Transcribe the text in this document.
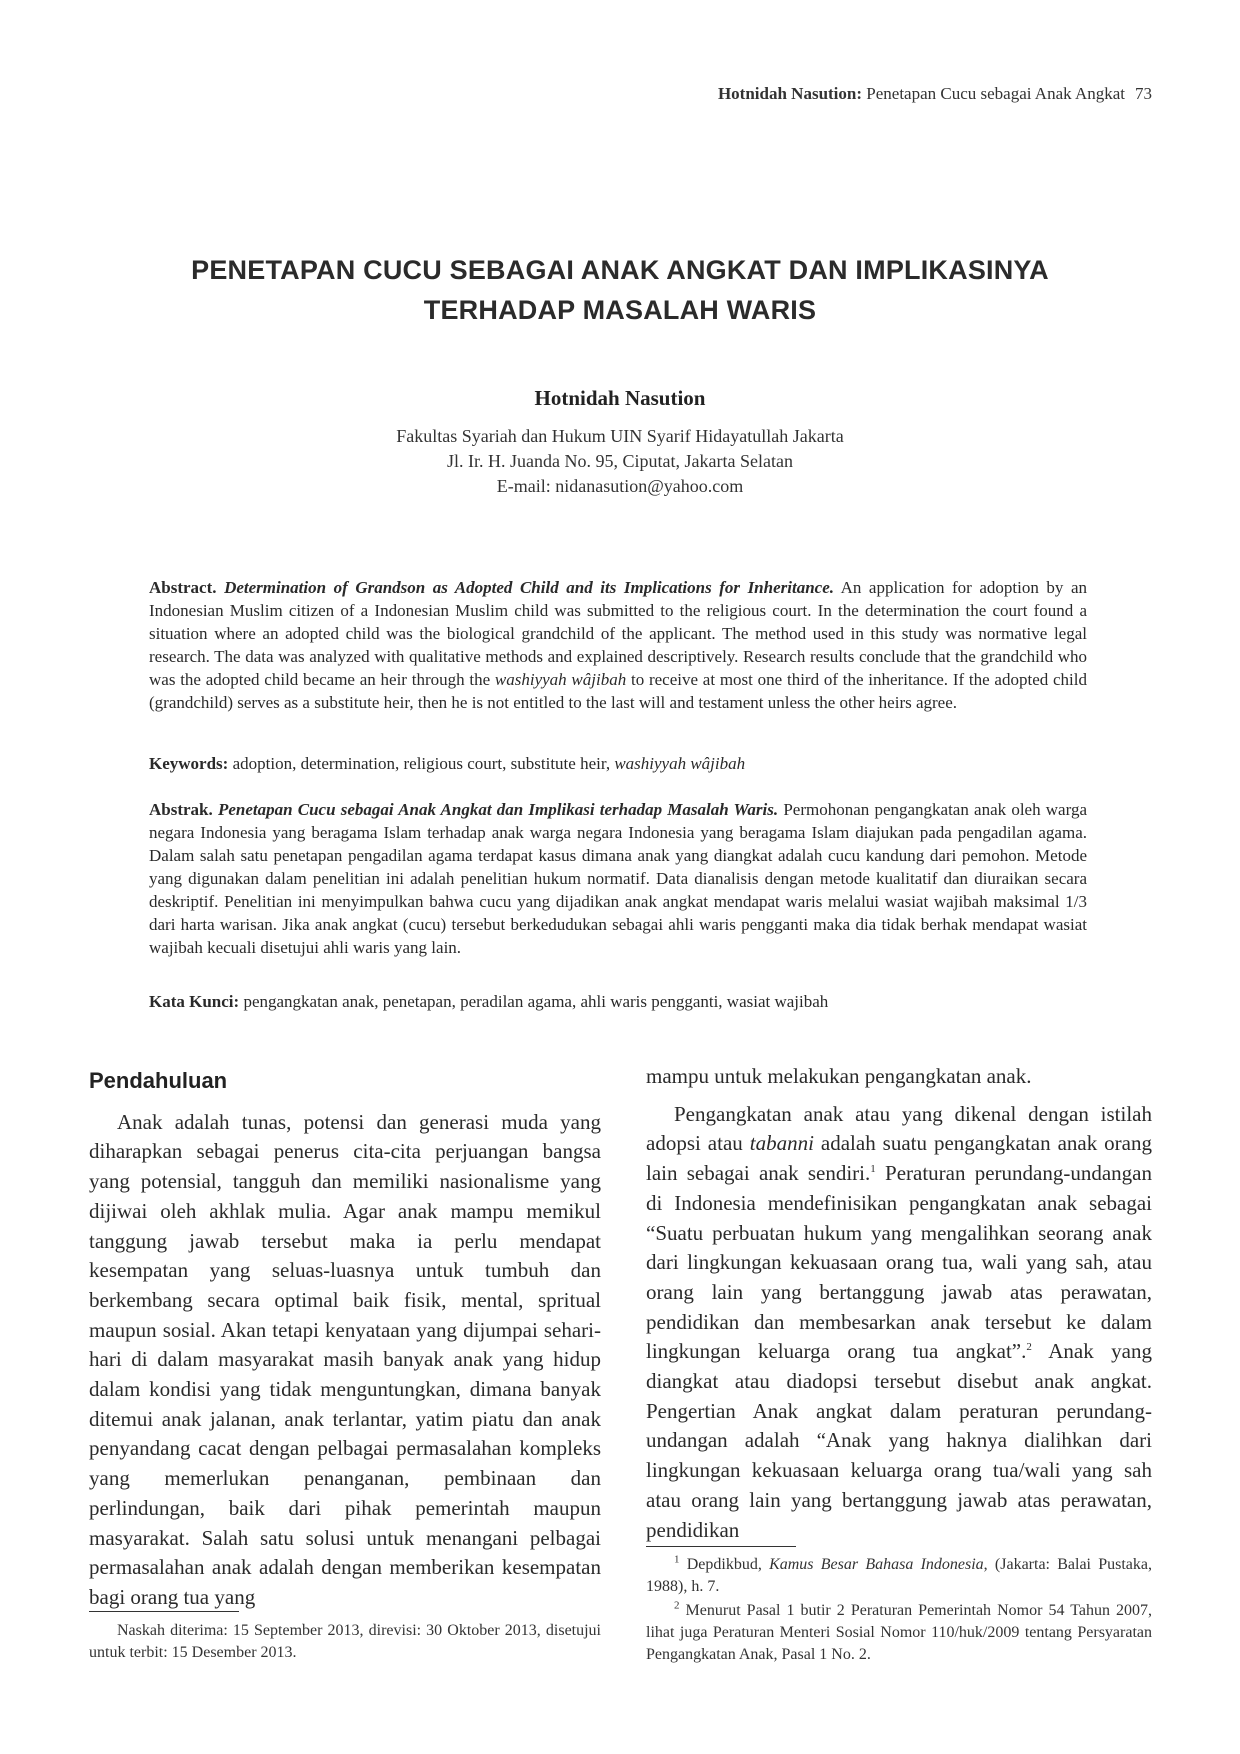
Hotnidah Nasution: Penetapan Cucu sebagai Anak Angkat 73
PENETAPAN CUCU SEBAGAI ANAK ANGKAT DAN IMPLIKASINYA
TERHADAP MASALAH WARIS
Hotnidah Nasution
Fakultas Syariah dan Hukum UIN Syarif Hidayatullah Jakarta
Jl. Ir. H. Juanda No. 95, Ciputat, Jakarta Selatan
E-mail: nidanasution@yahoo.com
Abstract. Determination of Grandson as Adopted Child and its Implications for Inheritance. An application for adoption by an Indonesian Muslim citizen of a Indonesian Muslim child was submitted to the religious court. In the determination the court found a situation where an adopted child was the biological grandchild of the applicant. The method used in this study was normative legal research. The data was analyzed with qualitative methods and explained descriptively. Research results conclude that the grandchild who was the adopted child became an heir through the washiyyah wâjibah to receive at most one third of the inheritance. If the adopted child (grandchild) serves as a substitute heir, then he is not entitled to the last will and testament unless the other heirs agree.
Keywords: adoption, determination, religious court, substitute heir, washiyyah wâjibah
Abstrak. Penetapan Cucu sebagai Anak Angkat dan Implikasi terhadap Masalah Waris. Permohonan pengangkatan anak oleh warga negara Indonesia yang beragama Islam terhadap anak warga negara Indonesia yang beragama Islam diajukan pada pengadilan agama. Dalam salah satu penetapan pengadilan agama terdapat kasus dimana anak yang diangkat adalah cucu kandung dari pemohon. Metode yang digunakan dalam penelitian ini adalah penelitian hukum normatif. Data dianalisis dengan metode kualitatif dan diuraikan secara deskriptif. Penelitian ini menyimpulkan bahwa cucu yang dijadikan anak angkat mendapat waris melalui wasiat wajibah maksimal 1/3 dari harta warisan. Jika anak angkat (cucu) tersebut berkedudukan sebagai ahli waris pengganti maka dia tidak berhak mendapat wasiat wajibah kecuali disetujui ahli waris yang lain.
Kata Kunci: pengangkatan anak, penetapan, peradilan agama, ahli waris pengganti, wasiat wajibah
Pendahuluan

Anak adalah tunas, potensi dan generasi muda yang diharapkan sebagai penerus cita-cita perjuangan bangsa yang potensial, tangguh dan memiliki nasionalisme yang dijiwai oleh akhlak mulia. Agar anak mampu memikul tanggung jawab tersebut maka ia perlu mendapat kesempatan yang seluas-luasnya untuk tumbuh dan berkembang secara optimal baik fisik, mental, spritual maupun sosial. Akan tetapi kenyataan yang dijumpai sehari-hari di dalam masyarakat masih banyak anak yang hidup dalam kondisi yang tidak menguntungkan, dimana banyak ditemui anak jalanan, anak terlantar, yatim piatu dan anak penyandang cacat dengan pelbagai permasalahan kompleks yang memerlukan penanganan, pembinaan dan perlindungan, baik dari pihak pemerintah maupun masyarakat. Salah satu solusi untuk menangani pelbagai permasalahan anak adalah dengan memberikan kesempatan bagi orang tua yang

mampu untuk melakukan pengangkatan anak.

Pengangkatan anak atau yang dikenal dengan istilah adopsi atau tabanni adalah suatu pengangkatan anak orang lain sebagai anak sendiri.$^1$ Peraturan perundang-undangan di Indonesia mendefinisikan pengangkatan anak sebagai “Suatu perbuatan hukum yang mengalihkan seorang anak dari lingkungan kekuasaan orang tua, wali yang sah, atau orang lain yang bertanggung jawab atas perawatan, pendidikan dan membesarkan anak tersebut ke dalam lingkungan keluarga orang tua angkat”.$^2$ Anak yang diangkat atau diadopsi tersebut disebut anak angkat. Pengertian Anak angkat dalam peraturan perundang-undangan adalah “Anak yang haknya dialihkan dari lingkungan kekuasaan keluarga orang tua/wali yang sah atau orang lain yang bertanggung jawab atas perawatan, pendidikan

Naskah diterima: 15 September 2013, direvisi: 30 Oktober 2013, disetujui untuk terbit: 15 Desember 2013.

$^1$ Depdikbud, Kamus Besar Bahasa Indonesia, (Jakarta: Balai Pustaka, 1988), h. 7.

$^2$ Menurut Pasal 1 butir 2 Peraturan Pemerintah Nomor 54 Tahun 2007, lihat juga Peraturan Menteri Sosial Nomor 110/huk/2009 tentang Persyaratan Pengangkatan Anak, Pasal 1 No. 2.
